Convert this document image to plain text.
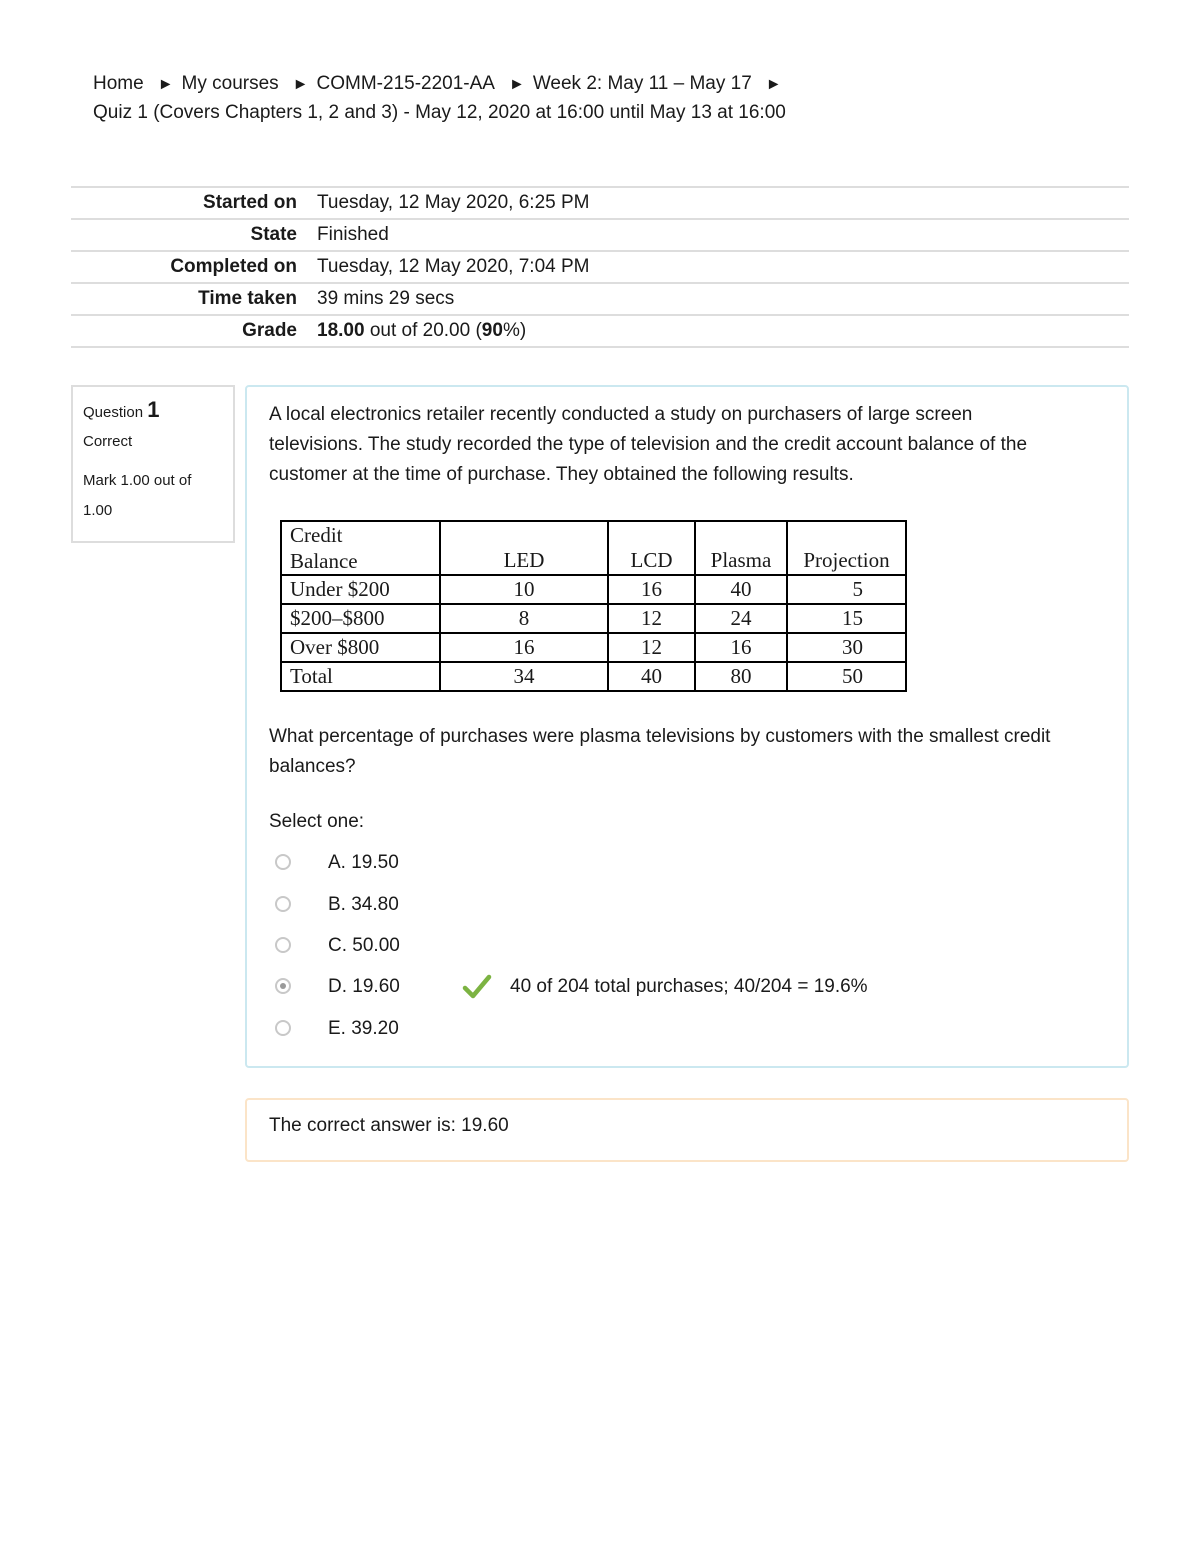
Home ► My courses ► COMM-215-2201-AA ► Week 2: May 11 – May 17 ►
Quiz 1 (Covers Chapters 1, 2 and 3) - May 12, 2020 at 16:00 until May 13 at 16:00
Started on	Tuesday, 12 May 2020, 6:25 PM
State	Finished
Completed on	Tuesday, 12 May 2020, 7:04 PM
Time taken	39 mins 29 secs
Grade	18.00 out of 20.00 (90%)
Question 1
Correct
Mark 1.00 out of 1.00
A local electronics retailer recently conducted a study on purchasers of large screen televisions. The study recorded the type of television and the credit account balance of the customer at the time of purchase. They obtained the following results.
Credit
Balance	LED	LCD	Plasma	Projection
Under $200	10	16	40	5
$200–$800	8	12	24	15
Over $800	16	12	16	30
Total	34	40	80	50
What percentage of purchases were plasma televisions by customers with the smallest credit balances?
Select one:
A. 19.50
B. 34.80
C. 50.00
D. 19.60	40 of 204 total purchases; 40/204 = 19.6%
E. 39.20
The correct answer is: 19.60
